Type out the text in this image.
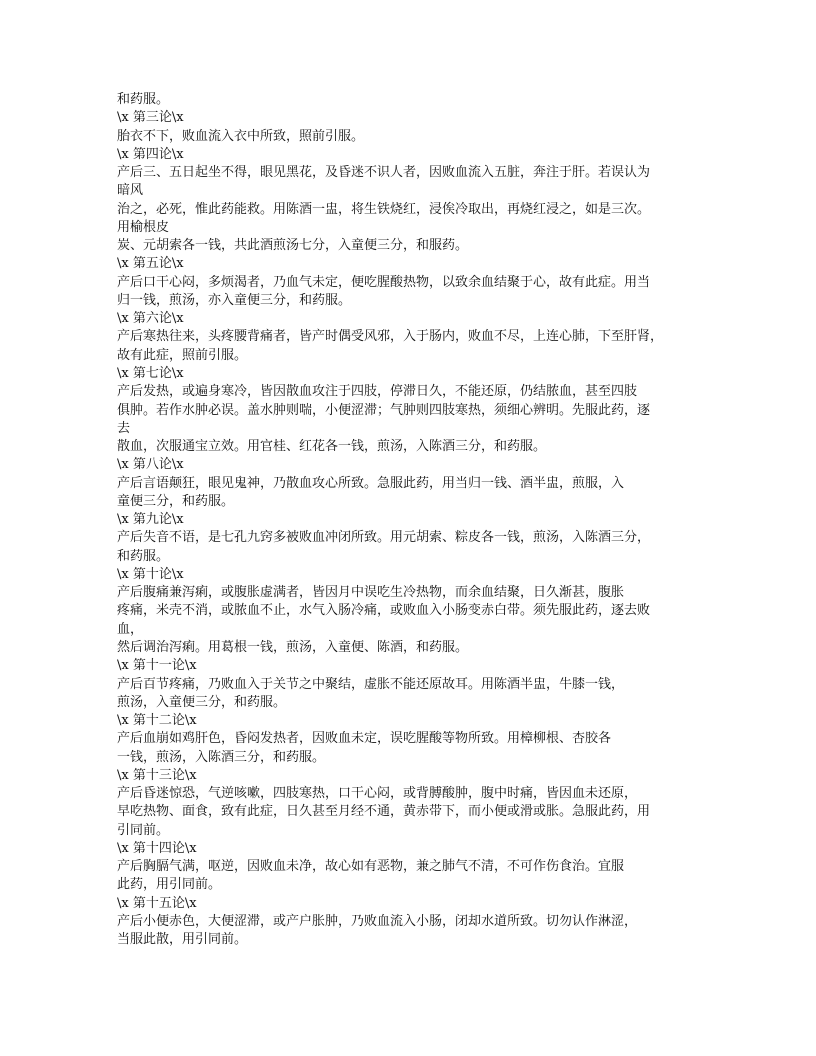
和药服。
\x 第三论\x
胎衣不下，败血流入衣中所致，照前引服。
\x 第四论\x
产后三、五日起坐不得，眼见黑花，及昏迷不识人者，因败血流入五脏，奔注于肝。若误认为
暗风
治之，必死，惟此药能救。用陈酒一盅，将生铁烧红，浸俟冷取出，再烧红浸之，如是三次。
用榆根皮
炭、元胡索各一钱，共此酒煎汤七分，入童便三分，和服药。
\x 第五论\x
产后口干心闷，多烦渴者，乃血气未定，便吃腥酸热物，以致余血结聚于心，故有此症。用当
归一钱，煎汤，亦入童便三分，和药服。
\x 第六论\x
产后寒热往来，头疼腰背痛者，皆产时偶受风邪，入于肠内，败血不尽，上连心肺，下至肝肾，
故有此症，照前引服。
\x 第七论\x
产后发热，或遍身寒冷，皆因散血攻注于四肢，停滞日久，不能还原，仍结脓血，甚至四肢
俱肿。若作水肿必误。盖水肿则喘，小便涩滞；气肿则四肢寒热，须细心辨明。先服此药，逐
去
散血，次服通宝立效。用官桂、红花各一钱，煎汤，入陈酒三分，和药服。
\x 第八论\x
产后言语颠狂，眼见鬼神，乃散血攻心所致。急服此药，用当归一钱、酒半盅，煎服，入
童便三分，和药服。
\x 第九论\x
产后失音不语，是七孔九窍多被败血冲闭所致。用元胡索、粽皮各一钱，煎汤，入陈酒三分，
和药服。
\x 第十论\x
产后腹痛兼泻痢，或腹胀虚满者，皆因月中误吃生冷热物，而余血结聚，日久渐甚，腹胀
疼痛，米壳不消，或脓血不止，水气入肠冷痛，或败血入小肠变赤白带。须先服此药，逐去败
血，
然后调治泻痢。用葛根一钱，煎汤，入童便、陈酒，和药服。
\x 第十一论\x
产后百节疼痛，乃败血入于关节之中聚结，虚胀不能还原故耳。用陈酒半盅，牛膝一钱，
煎汤，入童便三分，和药服。
\x 第十二论\x
产后血崩如鸡肝色，昏闷发热者，因败血未定，误吃腥酸等物所致。用樟柳根、杏胶各
一钱，煎汤，入陈酒三分，和药服。
\x 第十三论\x
产后昏迷惊恐，气逆咳嗽，四肢寒热，口干心闷，或背膊酸肿，腹中时痛，皆因血未还原，
早吃热物、面食，致有此症，日久甚至月经不通，黄赤带下，而小便或滑或胀。急服此药，用
引同前。
\x 第十四论\x
产后胸膈气满，呕逆，因败血未净，故心如有恶物，兼之肺气不清，不可作伤食治。宜服
此药，用引同前。
\x 第十五论\x
产后小便赤色，大便涩滞，或产户胀肿，乃败血流入小肠，闭却水道所致。切勿认作淋涩，
当服此散，用引同前。
